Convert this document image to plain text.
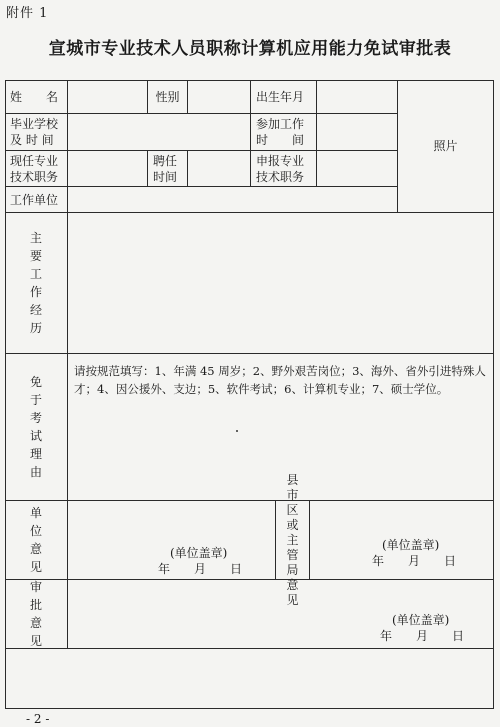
附件 1
宣城市专业技术人员职称计算机应用能力免试审批表
姓　　名	性别	出生年月
照片
毕业学校
及 时 间
参加工作
时　　间
现任专业
技术职务
聘任
时间
申报专业
技术职务
工作单位
主要工作经历
免于考试理由
请按规范填写：1、年满 45 周岁；2、野外艰苦岗位；3、海外、省外引进特殊人才；4、因公援外、支边；5、软件考试；6、计算机专业；7、硕士学位。
单位意见
(单位盖章)
年　　月　　日
县市区或主管局意见
(单位盖章)
年　　月　　日
审批意见
(单位盖章)
年　　月　　日
- 2 -
